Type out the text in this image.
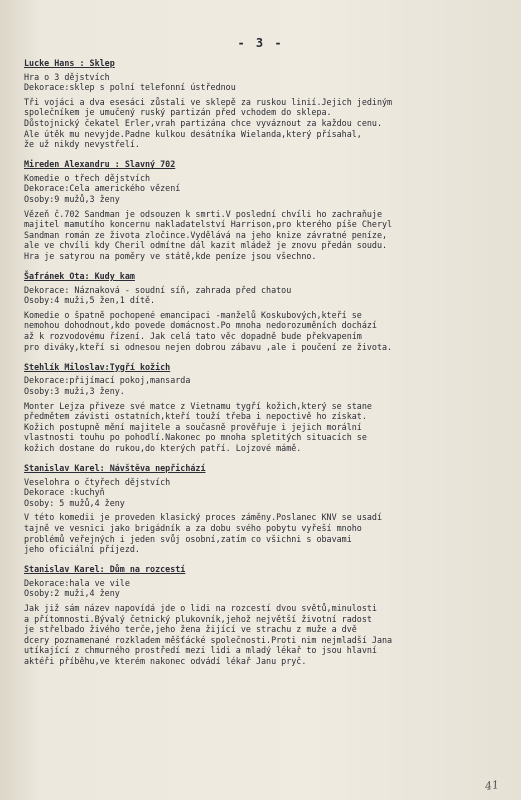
- 3 -
Lucke Hans : Sklep
Hra o 3 dějstvích
Dekorace:sklep s polní telefonní ústřednou
Tři vojáci a dva esesáci zůstali ve sklepě za ruskou linií.Jejich jediným
společníkem je umučený ruský partizán před vchodem do sklepa.
Důstojnický čekatel Erler,vrah partizána chce vyváznout za každou cenu.
Ale útěk mu nevyjde.Padne kulkou desátníka Wielanda,který přísahal,
že už nikdy nevystřelí.
Mireden Alexandru : Slavný 702
Komedie o třech dějstvích
Dekorace:Cela amerického vězení
Osoby:9 mužů,3 ženy
Vězeň č.702 Sandman je odsouzen k smrti.V poslední chvíli ho zachraňuje
majitel mamutího koncernu nakladatelství Harrison,pro kterého píše Cheryl
Sandman román ze života zločince.Vydělává na jeho knize závratné peníze,
ale ve chvíli kdy Cheril odmítne dál kazit mládež je znovu předán soudu.
Hra je satyrou na poměry ve státě,kde peníze jsou všechno.
Šafránek Ota: Kudy kam
Dekorace: Náznaková - soudní síň, zahrada před chatou
Osoby:4 muži,5 žen,1 dítě.
Komedie o špatně pochopené emancipaci -manželů Koskubových,kteří se
nemohou dohodnout,kdo povede domácnost.Po mnoha nedorozuměních dochází
až k rozvodovému řízení. Jak celá tato věc dopadně bude překvapením
pro diváky,kteří si odnesou nejen dobrou zábavu ,ale i poučení ze života.
Stehlík Miloslav:Tygří kožich
Dekorace:přijímací pokoj,mansarda
Osoby:3 muži,3 ženy.
Monter Lejza přiveze své matce z Vietnamu tygří kožich,který se stane
předmětem závisti ostatních,kteří touží třeba i nepoctivě ho získat.
Kožich postupně mění majitele a současně prověřuje i jejich morální
vlastnosti touhu po pohodlí.Nakonec po mnoha spletitých situacích se
kožich dostane do rukou,do kterých patří. Lojzové mámě.
Stanislav Karel: Návštěva nepřichází
Veselohra o čtyřech dějstvích
Dekorace :kuchyň
Osoby: 5 mužů,4 ženy
V této komedii je proveden klasický proces záměny.Poslanec KNV se usadí
tajně ve vesnici jako brigádník a za dobu svého pobytu vyřeší mnoho
problémů veřejných i jeden svůj osobní,zatím co všichni s obavami
jeho oficiální příjezd.
Stanislav Karel: Dům na rozcestí
Dekorace:hala ve vile
Osoby:2 muži,4 ženy
Jak již sám název napovídá jde o lidi na rozcestí dvou světů,minulosti
a přítomnosti.Bývalý četnický plukovník,jehož největší životní radost
je střelbado živého terče,jeho žena žijící ve strachu z muže a dvě
dcery poznamenané rozkladem měšťácké společnosti.Proti nim nejmladší Jana
utíkající z chmurného prostředí mezi lidi a mladý lékař to jsou hlavní
aktéři příběhu,ve kterém nakonec odvádí lékař Janu pryč.
41
